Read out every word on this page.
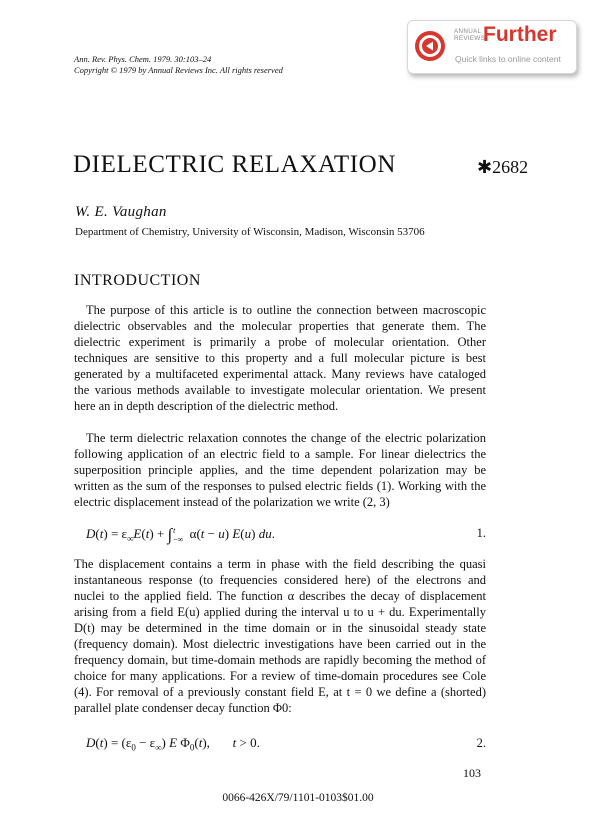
ANNUAL REVIEWS
Further
Quick links to online content
Ann. Rev. Phys. Chem. 1979. 30:103–24
Copyright © 1979 by Annual Reviews Inc. All rights reserved
DIELECTRIC RELAXATION	✱2682
W. E. Vaughan
Department of Chemistry, University of Wisconsin, Madison, Wisconsin 53706
INTRODUCTION

The purpose of this article is to outline the connection between macroscopic dielectric observables and the molecular properties that generate them. The dielectric experiment is primarily a probe of molecular orientation. Other techniques are sensitive to this property and a full molecular picture is best generated by a multifaceted experimental attack. Many reviews have cataloged the various methods available to investigate molecular orientation. We present here an in depth description of the dielectric method.

The term dielectric relaxation connotes the change of the electric polarization following application of an electric field to a sample. For linear dielectrics the superposition principle applies, and the time dependent polarization may be written as the sum of the responses to pulsed electric fields (1). Working with the electric displacement instead of the polarization we write (2, 3)

$D(t) = \varepsilon_\infty E(t) + \int t$
−∞ α(t − u) E(u) du.	1.

The displacement contains a term in phase with the field describing the quasi instantaneous response (to frequencies considered here) of the electrons and nuclei to the applied field. The function α describes the decay of displacement arising from a field E(u) applied during the interval u to u + du. Experimentally D(t) may be determined in the time domain or in the sinusoidal steady state (frequency domain). Most dielectric investigations have been carried out in the frequency domain, but time-domain methods are rapidly becoming the method of choice for many applications. For a review of time-domain procedures see Cole (4). For removal of a previously constant field E, at t = 0 we define a (shorted) parallel plate condenser decay function Φ0:

$D(t) = (\varepsilon_0 - \varepsilon_\infty)$ E $\Phi_0(t)$,       t > 0.	2.
103
0066-426X/79/1101-0103$01.00
